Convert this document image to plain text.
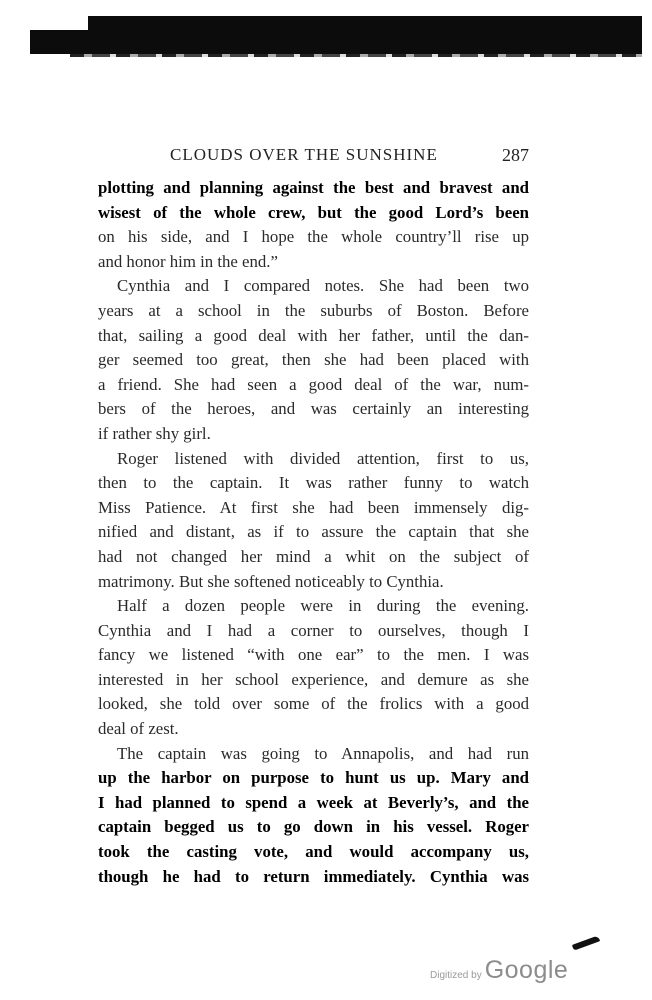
CLOUDS OVER THE SUNSHINE	287
plotting and planning against the best and bravest and
wisest of the whole crew, but the good Lord’s been
on his side, and I hope the whole country’ll rise up
and honor him in the end.”
Cynthia and I compared notes. She had been two
years at a school in the suburbs of Boston. Before
that, sailing a good deal with her father, until the dan-
ger seemed too great, then she had been placed with
a friend. She had seen a good deal of the war, num-
bers of the heroes, and was certainly an interesting
if rather shy girl.
Roger listened with divided attention, first to us,
then to the captain. It was rather funny to watch
Miss Patience. At first she had been immensely dig-
nified and distant, as if to assure the captain that she
had not changed her mind a whit on the subject of
matrimony. But she softened noticeably to Cynthia.
Half a dozen people were in during the evening.
Cynthia and I had a corner to ourselves, though I
fancy we listened “with one ear” to the men. I was
interested in her school experience, and demure as she
looked, she told over some of the frolics with a good
deal of zest.
The captain was going to Annapolis, and had run
up the harbor on purpose to hunt us up. Mary and
I had planned to spend a week at Beverly’s, and the
captain begged us to go down in his vessel. Roger
took the casting vote, and would accompany us,
though he had to return immediately. Cynthia was
Digitized by Google
